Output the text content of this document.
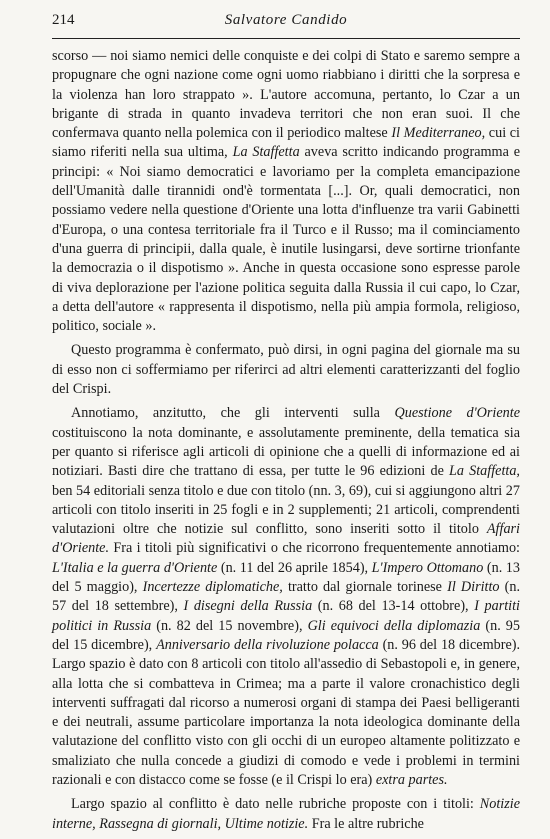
214	Salvatore Candido

scorso — noi siamo nemici delle conquiste e dei colpi di Stato e saremo sempre a propugnare che ogni nazione come ogni uomo riabbiano i diritti che la sorpresa e la violenza han loro strappato ». L'autore accomuna, pertanto, lo Czar a un brigante di strada in quanto invadeva territori che non eran suoi. Il che confermava quanto nella polemica con il periodico maltese Il Mediterraneo, cui ci siamo riferiti nella sua ultima, La Staffetta aveva scritto indicando programma e principi: « Noi siamo democratici e lavoriamo per la completa emancipazione dell'Umanità dalle tirannidi ond'è tormentata [...]. Or, quali democratici, non possiamo vedere nella questione d'Oriente una lotta d'influenze tra varii Gabinetti d'Europa, o una contesa territoriale fra il Turco e il Russo; ma il cominciamento d'una guerra di principii, dalla quale, è inutile lusingarsi, deve sortirne trionfante la democrazia o il dispotismo ». Anche in questa occasione sono espresse parole di viva deplorazione per l'azione politica seguita dalla Russia il cui capo, lo Czar, a detta dell'autore « rappresenta il dispotismo, nella più ampia formola, religioso, politico, sociale ».

Questo programma è confermato, può dirsi, in ogni pagina del giornale ma su di esso non ci soffermiamo per riferirci ad altri elementi caratterizzanti del foglio del Crispi.

Annotiamo, anzitutto, che gli interventi sulla Questione d'Oriente costituiscono la nota dominante, e assolutamente preminente, della tematica sia per quanto si riferisce agli articoli di opinione che a quelli di informazione ed ai notiziari. Basti dire che trattano di essa, per tutte le 96 edizioni de La Staffetta, ben 54 editoriali senza titolo e due con titolo (nn. 3, 69), cui si aggiungono altri 27 articoli con titolo inseriti in 25 fogli e in 2 supplementi; 21 articoli, comprendenti valutazioni oltre che notizie sul conflitto, sono inseriti sotto il titolo Affari d'Oriente. Fra i titoli più significativi o che ricorrono frequentemente annotiamo: L'Italia e la guerra d'Oriente (n. 11 del 26 aprile 1854), L'Impero Ottomano (n. 13 del 5 maggio), Incertezze diplomatiche, tratto dal giornale torinese Il Diritto (n. 57 del 18 settembre), I disegni della Russia (n. 68 del 13-14 ottobre), I partiti politici in Russia (n. 82 del 15 novembre), Gli equivoci della diplomazia (n. 95 del 15 dicembre), Anniversario della rivoluzione polacca (n. 96 del 18 dicembre). Largo spazio è dato con 8 articoli con titolo all'assedio di Sebastopoli e, in genere, alla lotta che si combatteva in Crimea; ma a parte il valore cronachistico degli interventi suffragati dal ricorso a numerosi organi di stampa dei Paesi belligeranti e dei neutrali, assume particolare importanza la nota ideologica dominante della valutazione del conflitto visto con gli occhi di un europeo altamente politizzato e smaliziato che nulla concede a giudizi di comodo e vede i problemi in termini razionali e con distacco come se fosse (e il Crispi lo era) extra partes.

Largo spazio al conflitto è dato nelle rubriche proposte con i titoli: Notizie interne, Rassegna di giornali, Ultime notizie. Fra le altre rubriche
